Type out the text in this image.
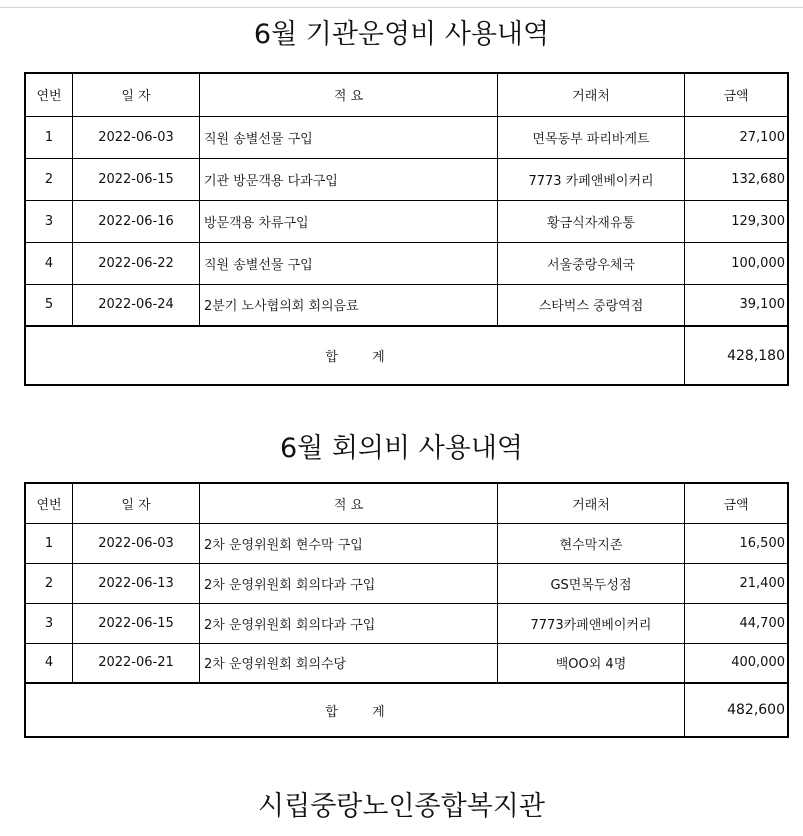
6월 기관운영비 사용내역
연번	일 자	적 요	거래처	금액
1	2022-06-03	직원 송별선물 구입	면목동부 파리바게트	27,100
2	2022-06-15	기관 방문객용 다과구입	7773 카페앤베이커리	132,680
3	2022-06-16	방문객용 차류구입	황금식자재유통	129,300
4	2022-06-22	직원 송별선물 구입	서울중랑우체국	100,000
5	2022-06-24	2분기 노사협의회 회의음료	스타벅스 중랑역점	39,100
합 계				428,180
6월 회의비 사용내역
연번	일 자	적 요	거래처	금액
1	2022-06-03	2차 운영위원회 현수막 구입	현수막지존	16,500
2	2022-06-13	2차 운영위원회 회의다과 구입	GS면목두성점	21,400
3	2022-06-15	2차 운영위원회 회의다과 구입	7773카페앤베이커리	44,700
4	2022-06-21	2차 운영위원회 회의수당	백OO외 4명	400,000
합 계				482,600
시립중랑노인종합복지관
